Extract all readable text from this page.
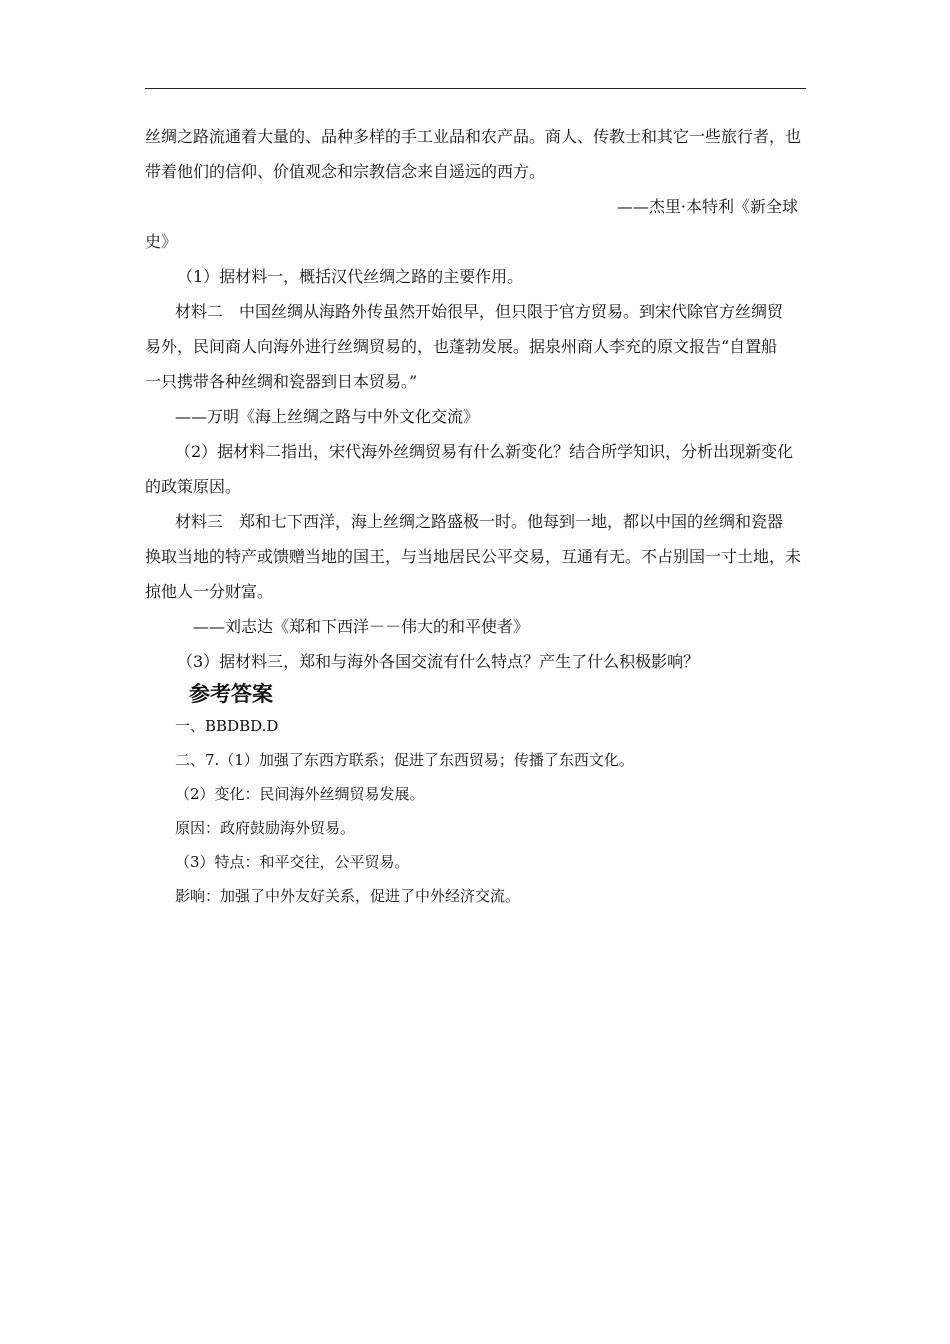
丝绸之路流通着大量的、品种多样的手工业品和农产品。商人、传教士和其它一些旅行者，也

带着他们的信仰、价值观念和宗教信念来自遥远的西方。

——杰里·本特利《新全球

史》

（1）据材料一，概括汉代丝绸之路的主要作用。

材料二　中国丝绸从海路外传虽然开始很早，但只限于官方贸易。到宋代除官方丝绸贸

易外，民间商人向海外进行丝绸贸易的，也蓬勃发展。据泉州商人李充的原文报告“自置船

一只携带各种丝绸和瓷器到日本贸易。”

——万明《海上丝绸之路与中外文化交流》

（2）据材料二指出，宋代海外丝绸贸易有什么新变化？结合所学知识，分析出现新变化

的政策原因。

材料三　郑和七下西洋，海上丝绸之路盛极一时。他每到一地，都以中国的丝绸和瓷器

换取当地的特产或馈赠当地的国王，与当地居民公平交易，互通有无。不占别国一寸土地，未

掠他人一分财富。

——刘志达《郑和下西洋－－伟大的和平使者》

（3）据材料三，郑和与海外各国交流有什么特点？产生了什么积极影响？

参考答案

一、BBDBD.D

二、7.（1）加强了东西方联系；促进了东西贸易；传播了东西文化。

（2）变化：民间海外丝绸贸易发展。

原因：政府鼓励海外贸易。

（3）特点：和平交往，公平贸易。

影响：加强了中外友好关系，促进了中外经济交流。
